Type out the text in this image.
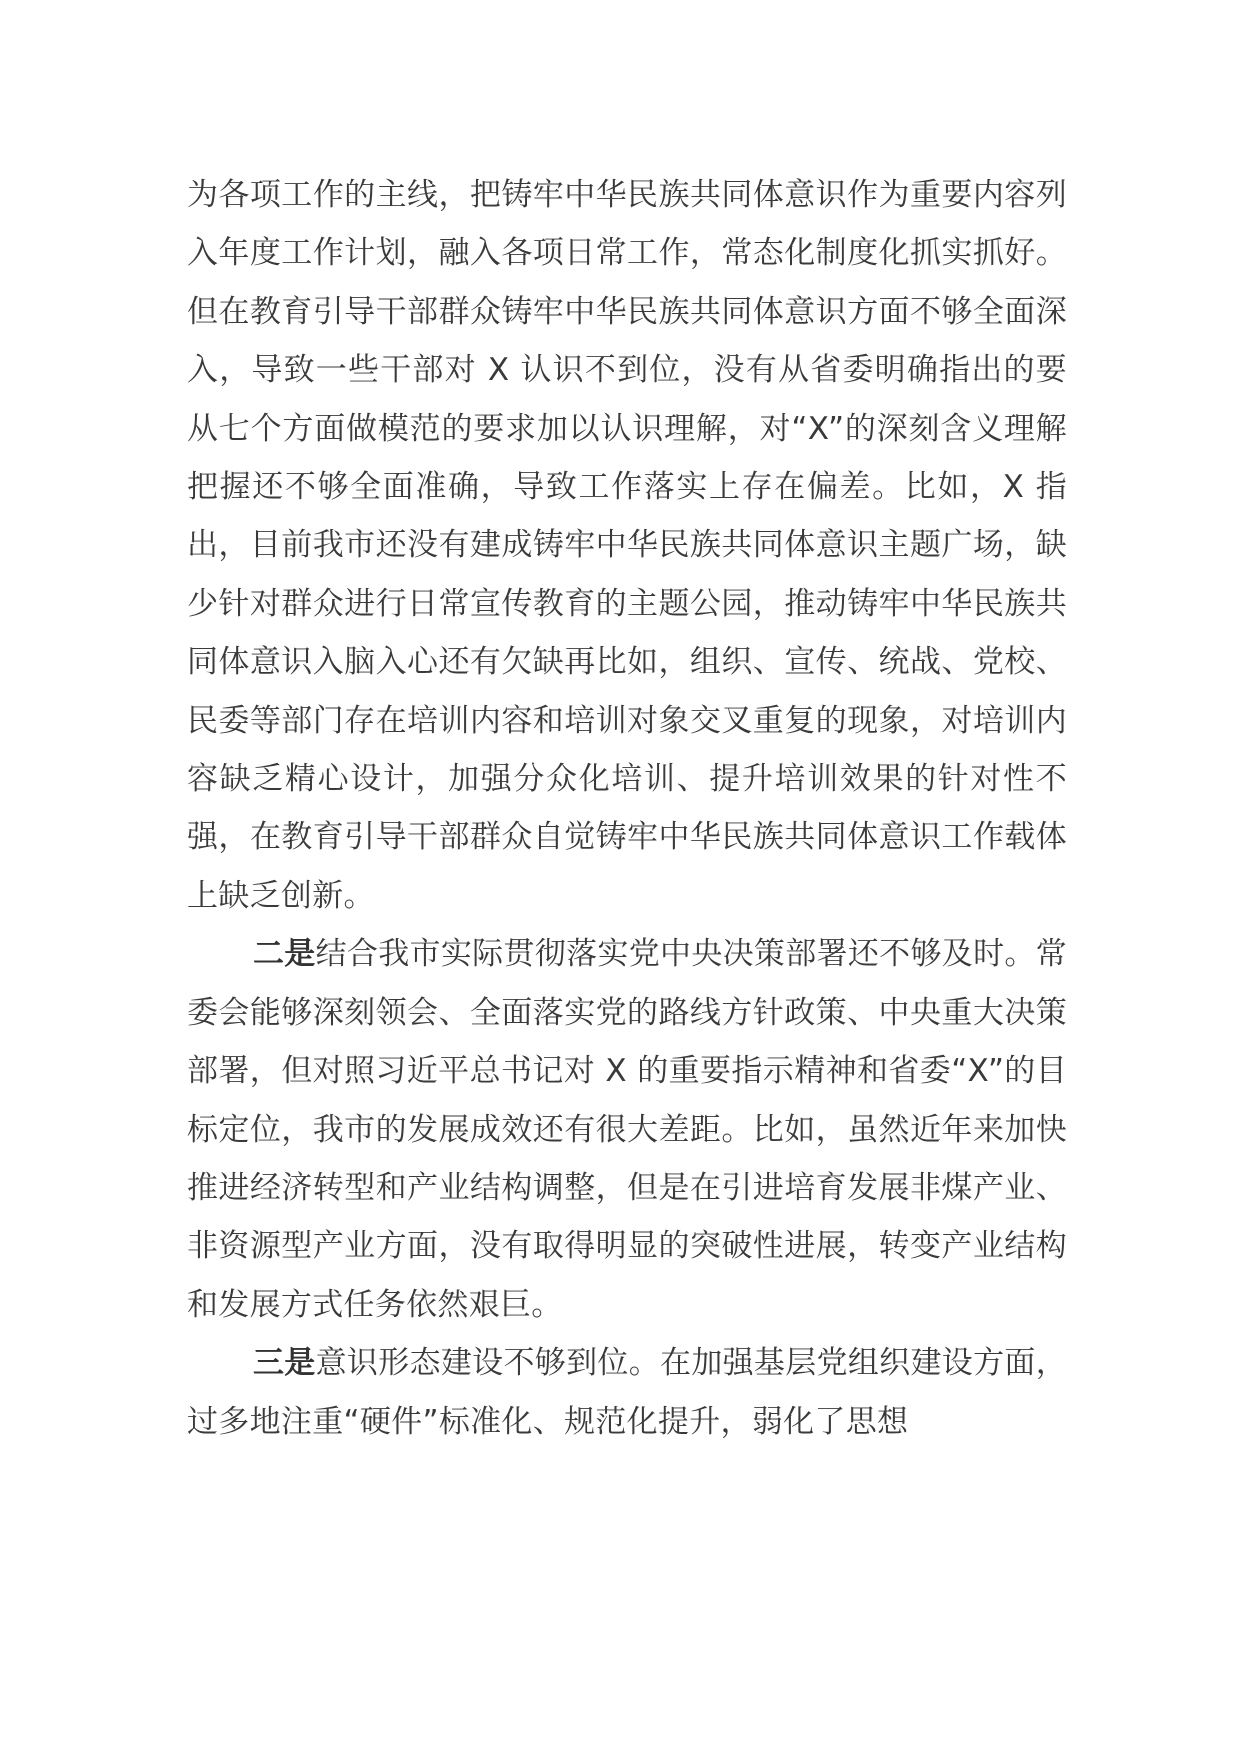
为各项工作的主线，把铸牢中华民族共同体意识作为重要内容列入年度工作计划，融入各项日常工作，常态化制度化抓实抓好。但在教育引导干部群众铸牢中华民族共同体意识方面不够全面深入，导致一些干部对 X 认识不到位，没有从省委明确指出的要从七个方面做模范的要求加以认识理解，对“X”的深刻含义理解把握还不够全面准确，导致工作落实上存在偏差。比如，X 指出，目前我市还没有建成铸牢中华民族共同体意识主题广场，缺少针对群众进行日常宣传教育的主题公园，推动铸牢中华民族共同体意识入脑入心还有欠缺再比如，组织、宣传、统战、党校、民委等部门存在培训内容和培训对象交叉重复的现象，对培训内容缺乏精心设计，加强分众化培训、提升培训效果的针对性不强，在教育引导干部群众自觉铸牢中华民族共同体意识工作载体上缺乏创新。

二是结合我市实际贯彻落实党中央决策部署还不够及时。常委会能够深刻领会、全面落实党的路线方针政策、中央重大决策部署，但对照习近平总书记对 X 的重要指示精神和省委“X”的目标定位，我市的发展成效还有很大差距。比如，虽然近年来加快推进经济转型和产业结构调整，但是在引进培育发展非煤产业、非资源型产业方面，没有取得明显的突破性进展，转变产业结构和发展方式任务依然艰巨。

三是意识形态建设不够到位。在加强基层党组织建设方面，过多地注重“硬件”标准化、规范化提升，弱化了思想
